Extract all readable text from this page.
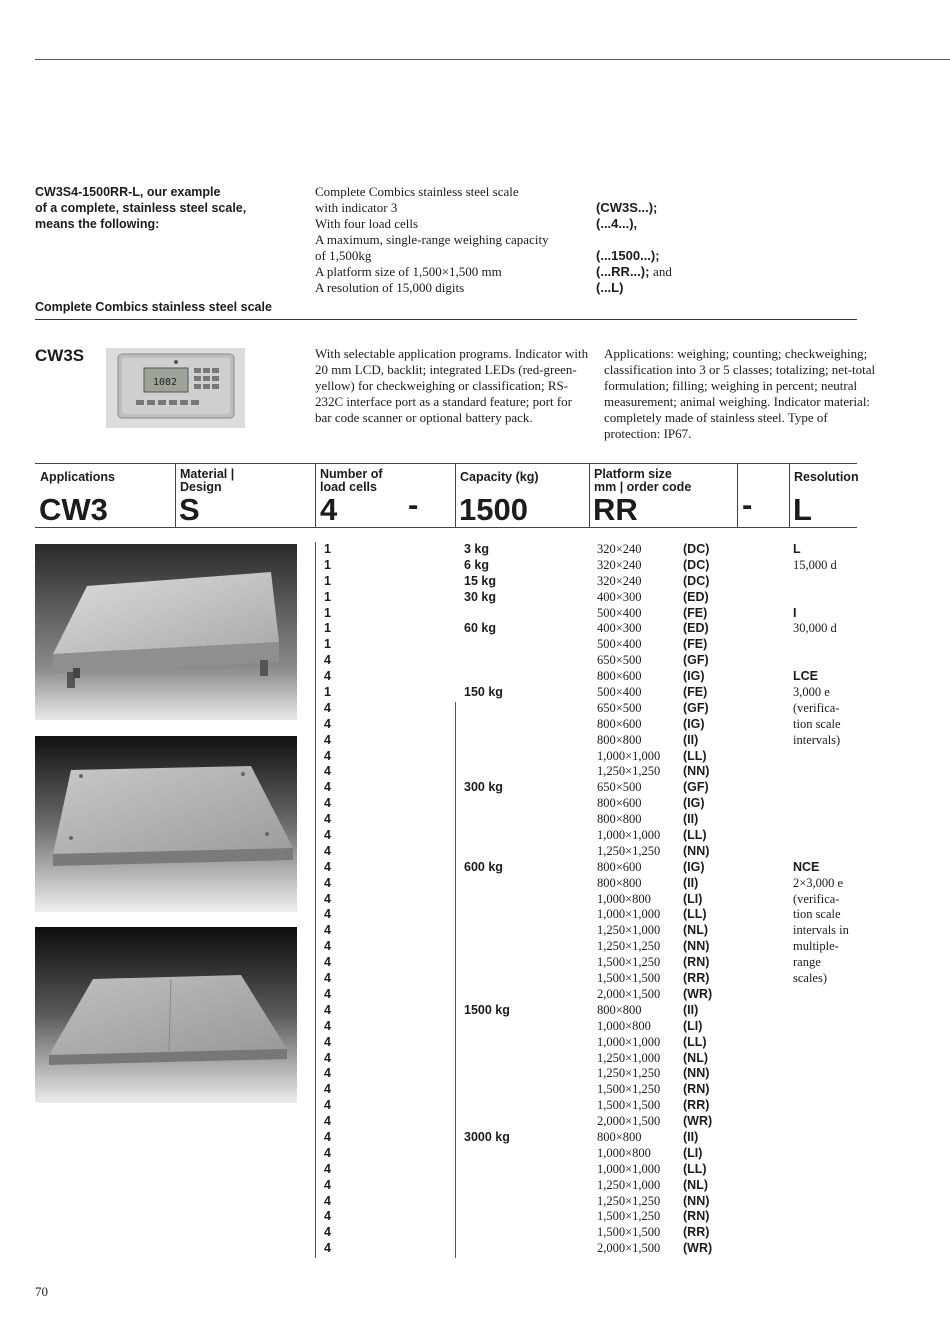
CW3S4-1500RR-L, our example
of a complete, stainless steel scale,
means the following:
Complete Combics stainless steel scale
with indicator 3
With four load cells
A maximum, single-range weighing capacity
of 1,500kg
A platform size of 1,500×1,500 mm
A resolution of 15,000 digits
(CW3S...);
(...4...),
(...1500...);
(...RR...); and
(...L)
Complete Combics stainless steel scale
CW3S
1082
With selectable application programs. Indicator with 20 mm LCD, backlit; integrated LEDs (red-green-yellow) for checkweighing or classification; RS-232C interface port as a standard feature; port for bar code scanner or optional battery pack.
Applications: weighing; counting; checkweighing; classification into 3 or 5 classes; totalizing; net-total formulation; filling; weighing in percent; neutral measurement; animal weighing. Indicator material: completely made of stainless steel. Type of protection: IP67.
Applications
CW3
Material |
Design
S
Number of
load cells
4 -
Capacity (kg)
1500
Platform size
mm | order code
RR	-
Resolution
L
1
1
1
1
1
1
1
4
4
1
4
4
4
4
4
4
4
4
4
4
4
4
4
4
4
4
4
4
4
4
4
4
4
4
4
4
4
4
4
4
4
4
4
4
4
3 kg
6 kg
15 kg
30 kg

60 kg

150 kg

300 kg

600 kg

1500 kg

3000 kg

320×240
320×240
320×240
400×300
500×400
400×300
500×400
650×500
800×600
500×400
650×500
800×600
800×800
1,000×1,000
1,250×1,250
650×500
800×600
800×800
1,000×1,000
1,250×1,250
800×600
800×800
1,000×800
1,000×1,000
1,250×1,000
1,250×1,250
1,500×1,250
1,500×1,500
2,000×1,500
800×800
1,000×800
1,000×1,000
1,250×1,000
1,250×1,250
1,500×1,250
1,500×1,500
2,000×1,500
800×800
1,000×800
1,000×1,000
1,250×1,000
1,250×1,250
1,500×1,250
1,500×1,500
2,000×1,500
(DC)
(DC)
(DC)
(ED)
(FE)
(ED)
(FE)
(GF)
(IG)
(FE)
(GF)
(IG)
(II)
(LL)
(NN)
(GF)
(IG)
(II)
(LL)
(NN)
(IG)
(II)
(LI)
(LL)
(NL)
(NN)
(RN)
(RR)
(WR)
(II)
(LI)
(LL)
(NL)
(NN)
(RN)
(RR)
(WR)
(II)
(LI)
(LL)
(NL)
(NN)
(RN)
(RR)
(WR)
L
15,000 d

I
30,000 d

LCE
3,000 e
(verifica-
tion scale
intervals)

NCE
2×3,000 e
(verifica-
tion scale
intervals in
multiple-
range
scales)
70
